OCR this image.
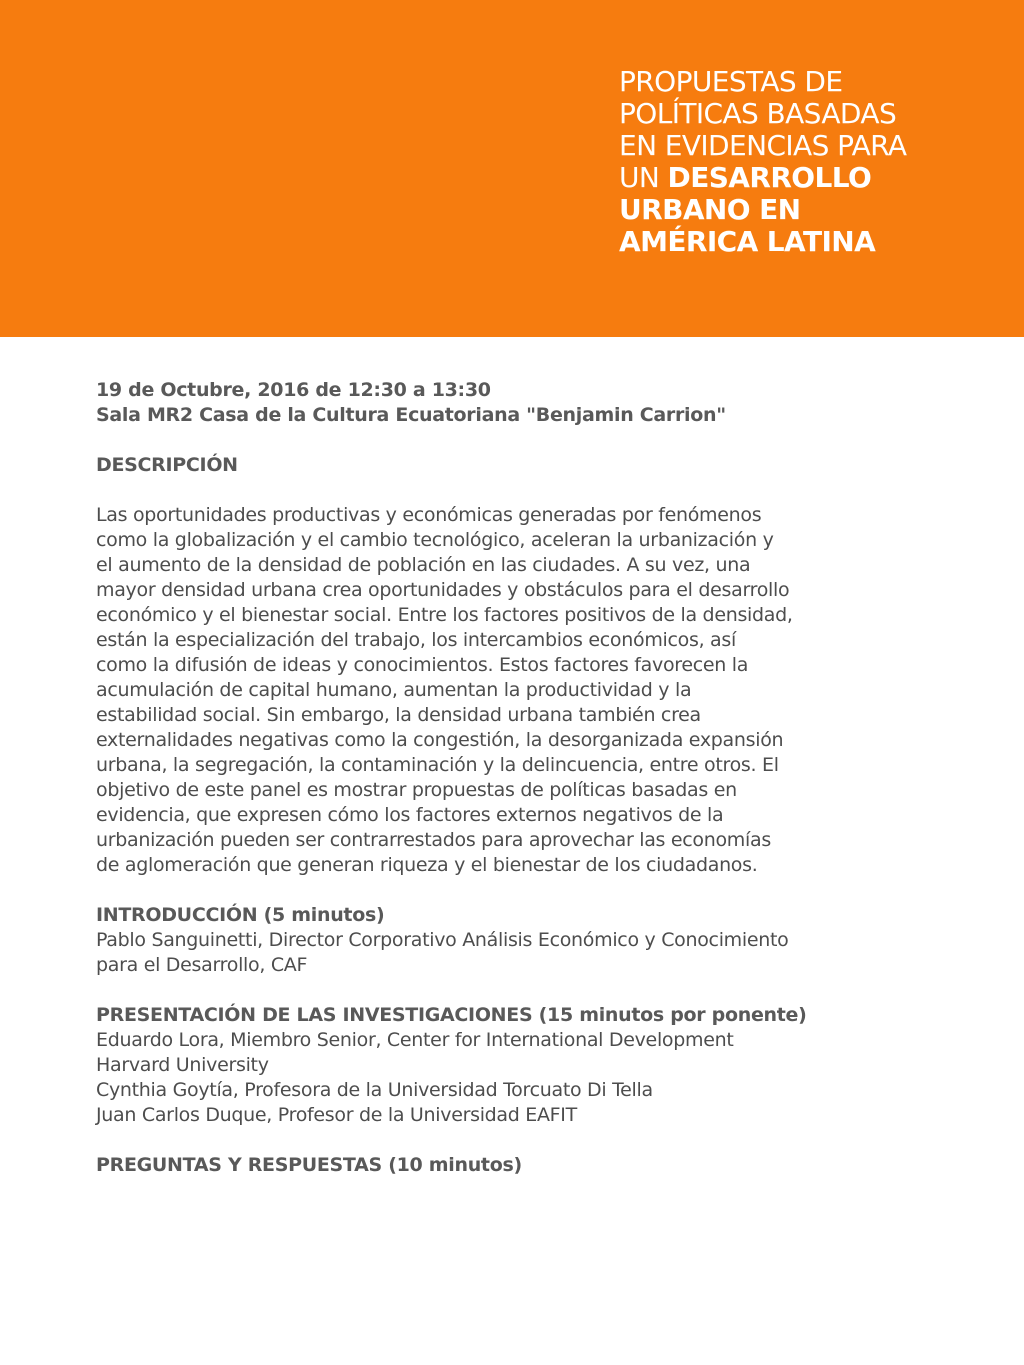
PROPUESTAS DE
POLÍTICAS BASADAS
EN EVIDENCIAS PARA
UN DESARROLLO
URBANO EN
AMÉRICA LATINA

19 de Octubre, 2016 de 12:30 a 13:30

Sala MR2 Casa de la Cultura Ecuatoriana "Benjamin Carrion"

DESCRIPCIÓN

Las oportunidades productivas y económicas generadas por fenómenos
como la globalización y el cambio tecnológico, aceleran la urbanización y
el aumento de la densidad de población en las ciudades. A su vez, una
mayor densidad urbana crea oportunidades y obstáculos para el desarrollo
económico y el bienestar social. Entre los factores positivos de la densidad,
están la especialización del trabajo, los intercambios económicos, así
como la difusión de ideas y conocimientos. Estos factores favorecen la
acumulación de capital humano, aumentan la productividad y la
estabilidad social. Sin embargo, la densidad urbana también crea
externalidades negativas como la congestión, la desorganizada expansión
urbana, la segregación, la contaminación y la delincuencia, entre otros. El
objetivo de este panel es mostrar propuestas de políticas basadas en
evidencia, que expresen cómo los factores externos negativos de la
urbanización pueden ser contrarrestados para aprovechar las economías
de aglomeración que generan riqueza y el bienestar de los ciudadanos.

INTRODUCCIÓN (5 minutos)

Pablo Sanguinetti, Director Corporativo Análisis Económico y Conocimiento
para el Desarrollo, CAF

PRESENTACIÓN DE LAS INVESTIGACIONES (15 minutos por ponente)

Eduardo Lora, Miembro Senior, Center for International Development
Harvard University
Cynthia Goytía, Profesora de la Universidad Torcuato Di Tella
Juan Carlos Duque, Profesor de la Universidad EAFIT

PREGUNTAS Y RESPUESTAS (10 minutos)
